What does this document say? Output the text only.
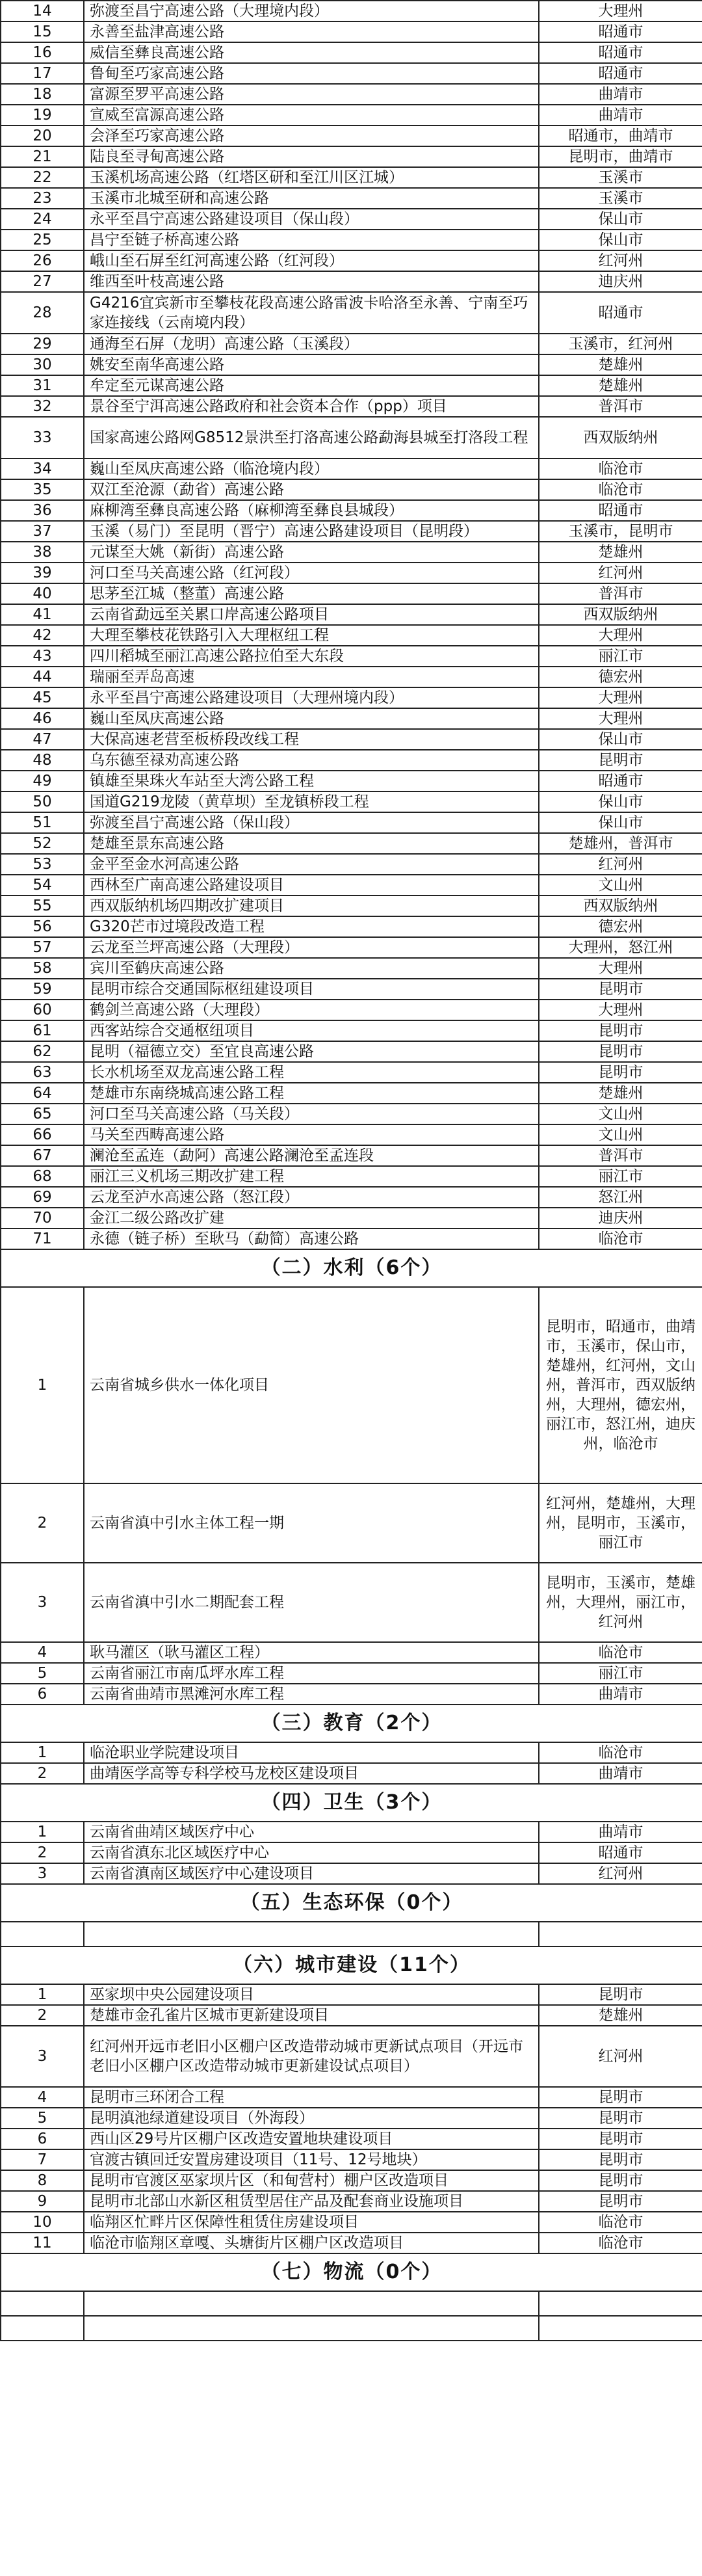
14	弥渡至昌宁高速公路（大理境内段）	大理州
15	永善至盐津高速公路	昭通市
16	威信至彝良高速公路	昭通市
17	鲁甸至巧家高速公路	昭通市
18	富源至罗平高速公路	曲靖市
19	宣威至富源高速公路	曲靖市
20	会泽至巧家高速公路	昭通市，曲靖市
21	陆良至寻甸高速公路	昆明市，曲靖市
22	玉溪机场高速公路（红塔区研和至江川区江城）	玉溪市
23	玉溪市北城至研和高速公路	玉溪市
24	永平至昌宁高速公路建设项目（保山段）	保山市
25	昌宁至链子桥高速公路	保山市
26	峨山至石屏至红河高速公路（红河段）	红河州
27	维西至叶枝高速公路	迪庆州
28	G4216宜宾新市至攀枝花段高速公路雷波卡哈洛至永善、宁南至巧家连接线（云南境内段）	昭通市
29	通海至石屏（龙明）高速公路（玉溪段）	玉溪市，红河州
30	姚安至南华高速公路	楚雄州
31	牟定至元谋高速公路	楚雄州
32	景谷至宁洱高速公路政府和社会资本合作（ppp）项目	普洱市
33	国家高速公路网G8512景洪至打洛高速公路勐海县城至打洛段工程	西双版纳州
34	巍山至凤庆高速公路（临沧境内段）	临沧市
35	双江至沧源（勐省）高速公路	临沧市
36	麻柳湾至彝良高速公路（麻柳湾至彝良县城段）	昭通市
37	玉溪（易门）至昆明（晋宁）高速公路建设项目（昆明段）	玉溪市，昆明市
38	元谋至大姚（新街）高速公路	楚雄州
39	河口至马关高速公路（红河段）	红河州
40	思茅至江城（整董）高速公路	普洱市
41	云南省勐远至关累口岸高速公路项目	西双版纳州
42	大理至攀枝花铁路引入大理枢纽工程	大理州
43	四川稻城至丽江高速公路拉伯至大东段	丽江市
44	瑞丽至弄岛高速	德宏州
45	永平至昌宁高速公路建设项目（大理州境内段）	大理州
46	巍山至凤庆高速公路	大理州
47	大保高速老营至板桥段改线工程	保山市
48	乌东德至禄劝高速公路	昆明市
49	镇雄至果珠火车站至大湾公路工程	昭通市
50	国道G219龙陵（黄草坝）至龙镇桥段工程	保山市
51	弥渡至昌宁高速公路（保山段）	保山市
52	楚雄至景东高速公路	楚雄州，普洱市
53	金平至金水河高速公路	红河州
54	西林至广南高速公路建设项目	文山州
55	西双版纳机场四期改扩建项目	西双版纳州
56	G320芒市过境段改造工程	德宏州
57	云龙至兰坪高速公路（大理段）	大理州，怒江州
58	宾川至鹤庆高速公路	大理州
59	昆明市综合交通国际枢纽建设项目	昆明市
60	鹤剑兰高速公路（大理段）	大理州
61	西客站综合交通枢纽项目	昆明市
62	昆明（福德立交）至宜良高速公路	昆明市
63	长水机场至双龙高速公路工程	昆明市
64	楚雄市东南绕城高速公路工程	楚雄州
65	河口至马关高速公路（马关段）	文山州
66	马关至西畴高速公路	文山州
67	澜沧至孟连（勐阿）高速公路澜沧至孟连段	普洱市
68	丽江三义机场三期改扩建工程	丽江市
69	云龙至泸水高速公路（怒江段）	怒江州
70	金江二级公路改扩建	迪庆州
71	永德（链子桥）至耿马（勐简）高速公路	临沧市
（二）水利（6个）		
1	云南省城乡供水一体化项目	昆明市，昭通市，曲靖市，玉溪市，保山市，楚雄州，红河州，文山州，普洱市，西双版纳州，大理州，德宏州，丽江市，怒江州，迪庆州，临沧市
2	云南省滇中引水主体工程一期	红河州，楚雄州，大理州，昆明市，玉溪市，丽江市
3	云南省滇中引水二期配套工程	昆明市，玉溪市，楚雄州，大理州，丽江市，红河州
4	耿马灌区（耿马灌区工程）	临沧市
5	云南省丽江市南瓜坪水库工程	丽江市
6	云南省曲靖市黑滩河水库工程	曲靖市
（三）教育（2个）		
1	临沧职业学院建设项目	临沧市
2	曲靖医学高等专科学校马龙校区建设项目	曲靖市
（四）卫生（3个）		
1	云南省曲靖区域医疗中心	曲靖市
2	云南省滇东北区域医疗中心	昭通市
3	云南省滇南区域医疗中心建设项目	红河州
（五）生态环保（0个）		

（六）城市建设（11个）		
1	巫家坝中央公园建设项目	昆明市
2	楚雄市金孔雀片区城市更新建设项目	楚雄州
3	红河州开远市老旧小区棚户区改造带动城市更新试点项目（开远市老旧小区棚户区改造带动城市更新建设试点项目）	红河州
4	昆明市三环闭合工程	昆明市
5	昆明滇池绿道建设项目（外海段）	昆明市
6	西山区29号片区棚户区改造安置地块建设项目	昆明市
7	官渡古镇回迁安置房建设项目（11号、12号地块）	昆明市
8	昆明市官渡区巫家坝片区（和甸营村）棚户区改造项目	昆明市
9	昆明市北部山水新区租赁型居住产品及配套商业设施项目	昆明市
10	临翔区忙畔片区保障性租赁住房建设项目	临沧市
11	临沧市临翔区章嘎、头塘街片区棚户区改造项目	临沧市
（七）物流（0个）		
